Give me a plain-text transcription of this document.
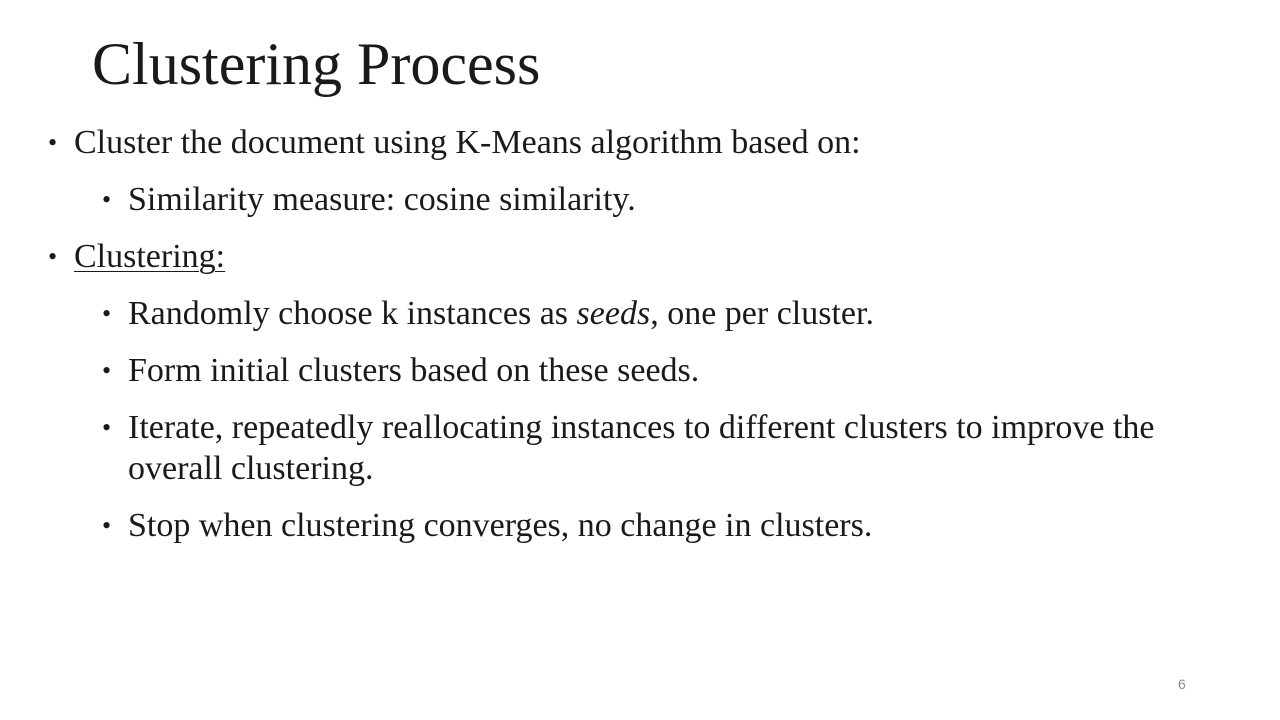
Clustering Process
• Cluster the document using K-Means algorithm based on:
• Similarity measure: cosine similarity.
• Clustering:
• Randomly choose k instances as seeds, one per cluster.
• Form initial clusters based on these seeds.
• Iterate, repeatedly reallocating instances to different clusters to improve the overall clustering.
• Stop when clustering converges, no change in clusters.
6
